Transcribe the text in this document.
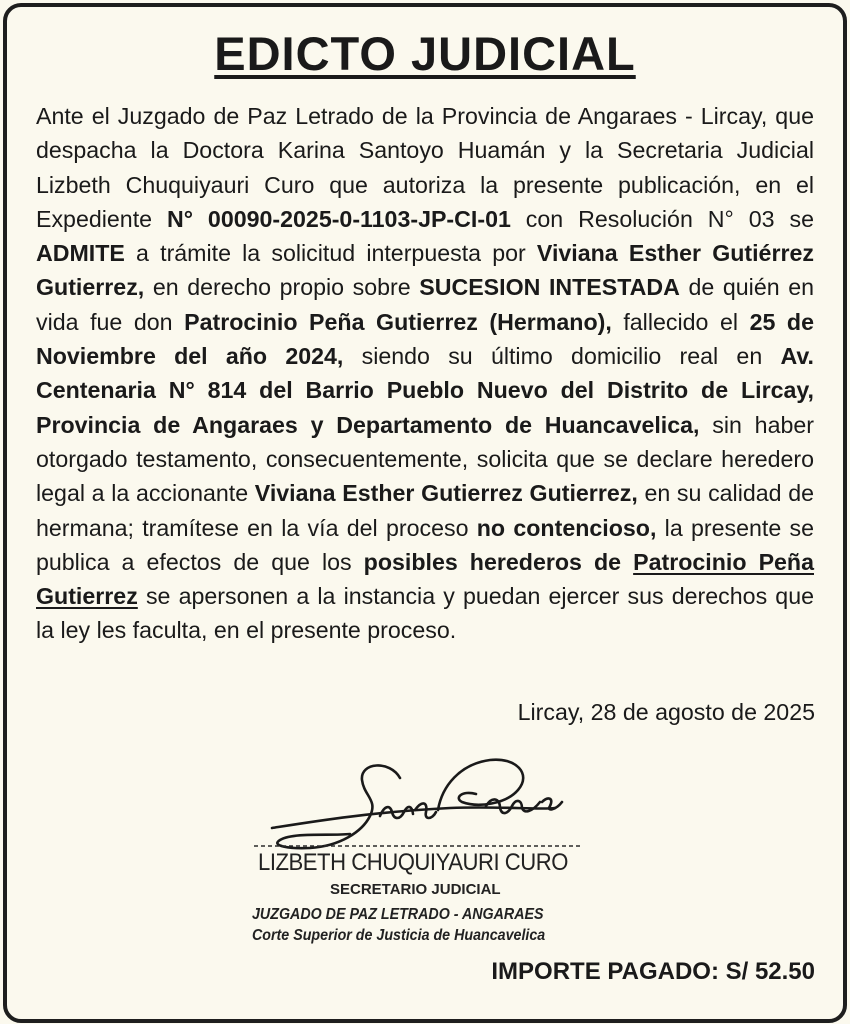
EDICTO JUDICIAL
Ante el Juzgado de Paz Letrado de la Provincia de Angaraes - Lircay, que despacha la Doctora Karina Santoyo Huamán y la Secretaria Judicial Lizbeth Chuquiyauri Curo que autoriza la presente publicación, en el Expediente N° 00090-2025-0-1103-JP-CI-01 con Resolución N° 03 se ADMITE a trámite la solicitud interpuesta por Viviana Esther Gutiérrez Gutierrez, en derecho propio sobre SUCESION INTESTADA de quién en vida fue don Patrocinio Peña Gutierrez (Hermano), fallecido el 25 de Noviembre del año 2024, siendo su último domicilio real en Av. Centenaria N° 814 del Barrio Pueblo Nuevo del Distrito de Lircay, Provincia de Angaraes y Departamento de Huancavelica, sin haber otorgado testamento, consecuentemente, solicita que se declare heredero legal a la accionante Viviana Esther Gutierrez Gutierrez, en su calidad de hermana; tramítese en la vía del proceso no contencioso, la presente se publica a efectos de que los posibles herederos de Patrocinio Peña Gutierrez se apersonen a la instancia y puedan ejercer sus derechos que la ley les faculta, en el presente proceso.
Lircay, 28 de agosto de 2025
LIZBETH CHUQUIYAURI CURO
SECRETARIO JUDICIAL
JUZGADO DE PAZ LETRADO - ANGARAES
Corte Superior de Justicia de Huancavelica
IMPORTE PAGADO: S/ 52.50
